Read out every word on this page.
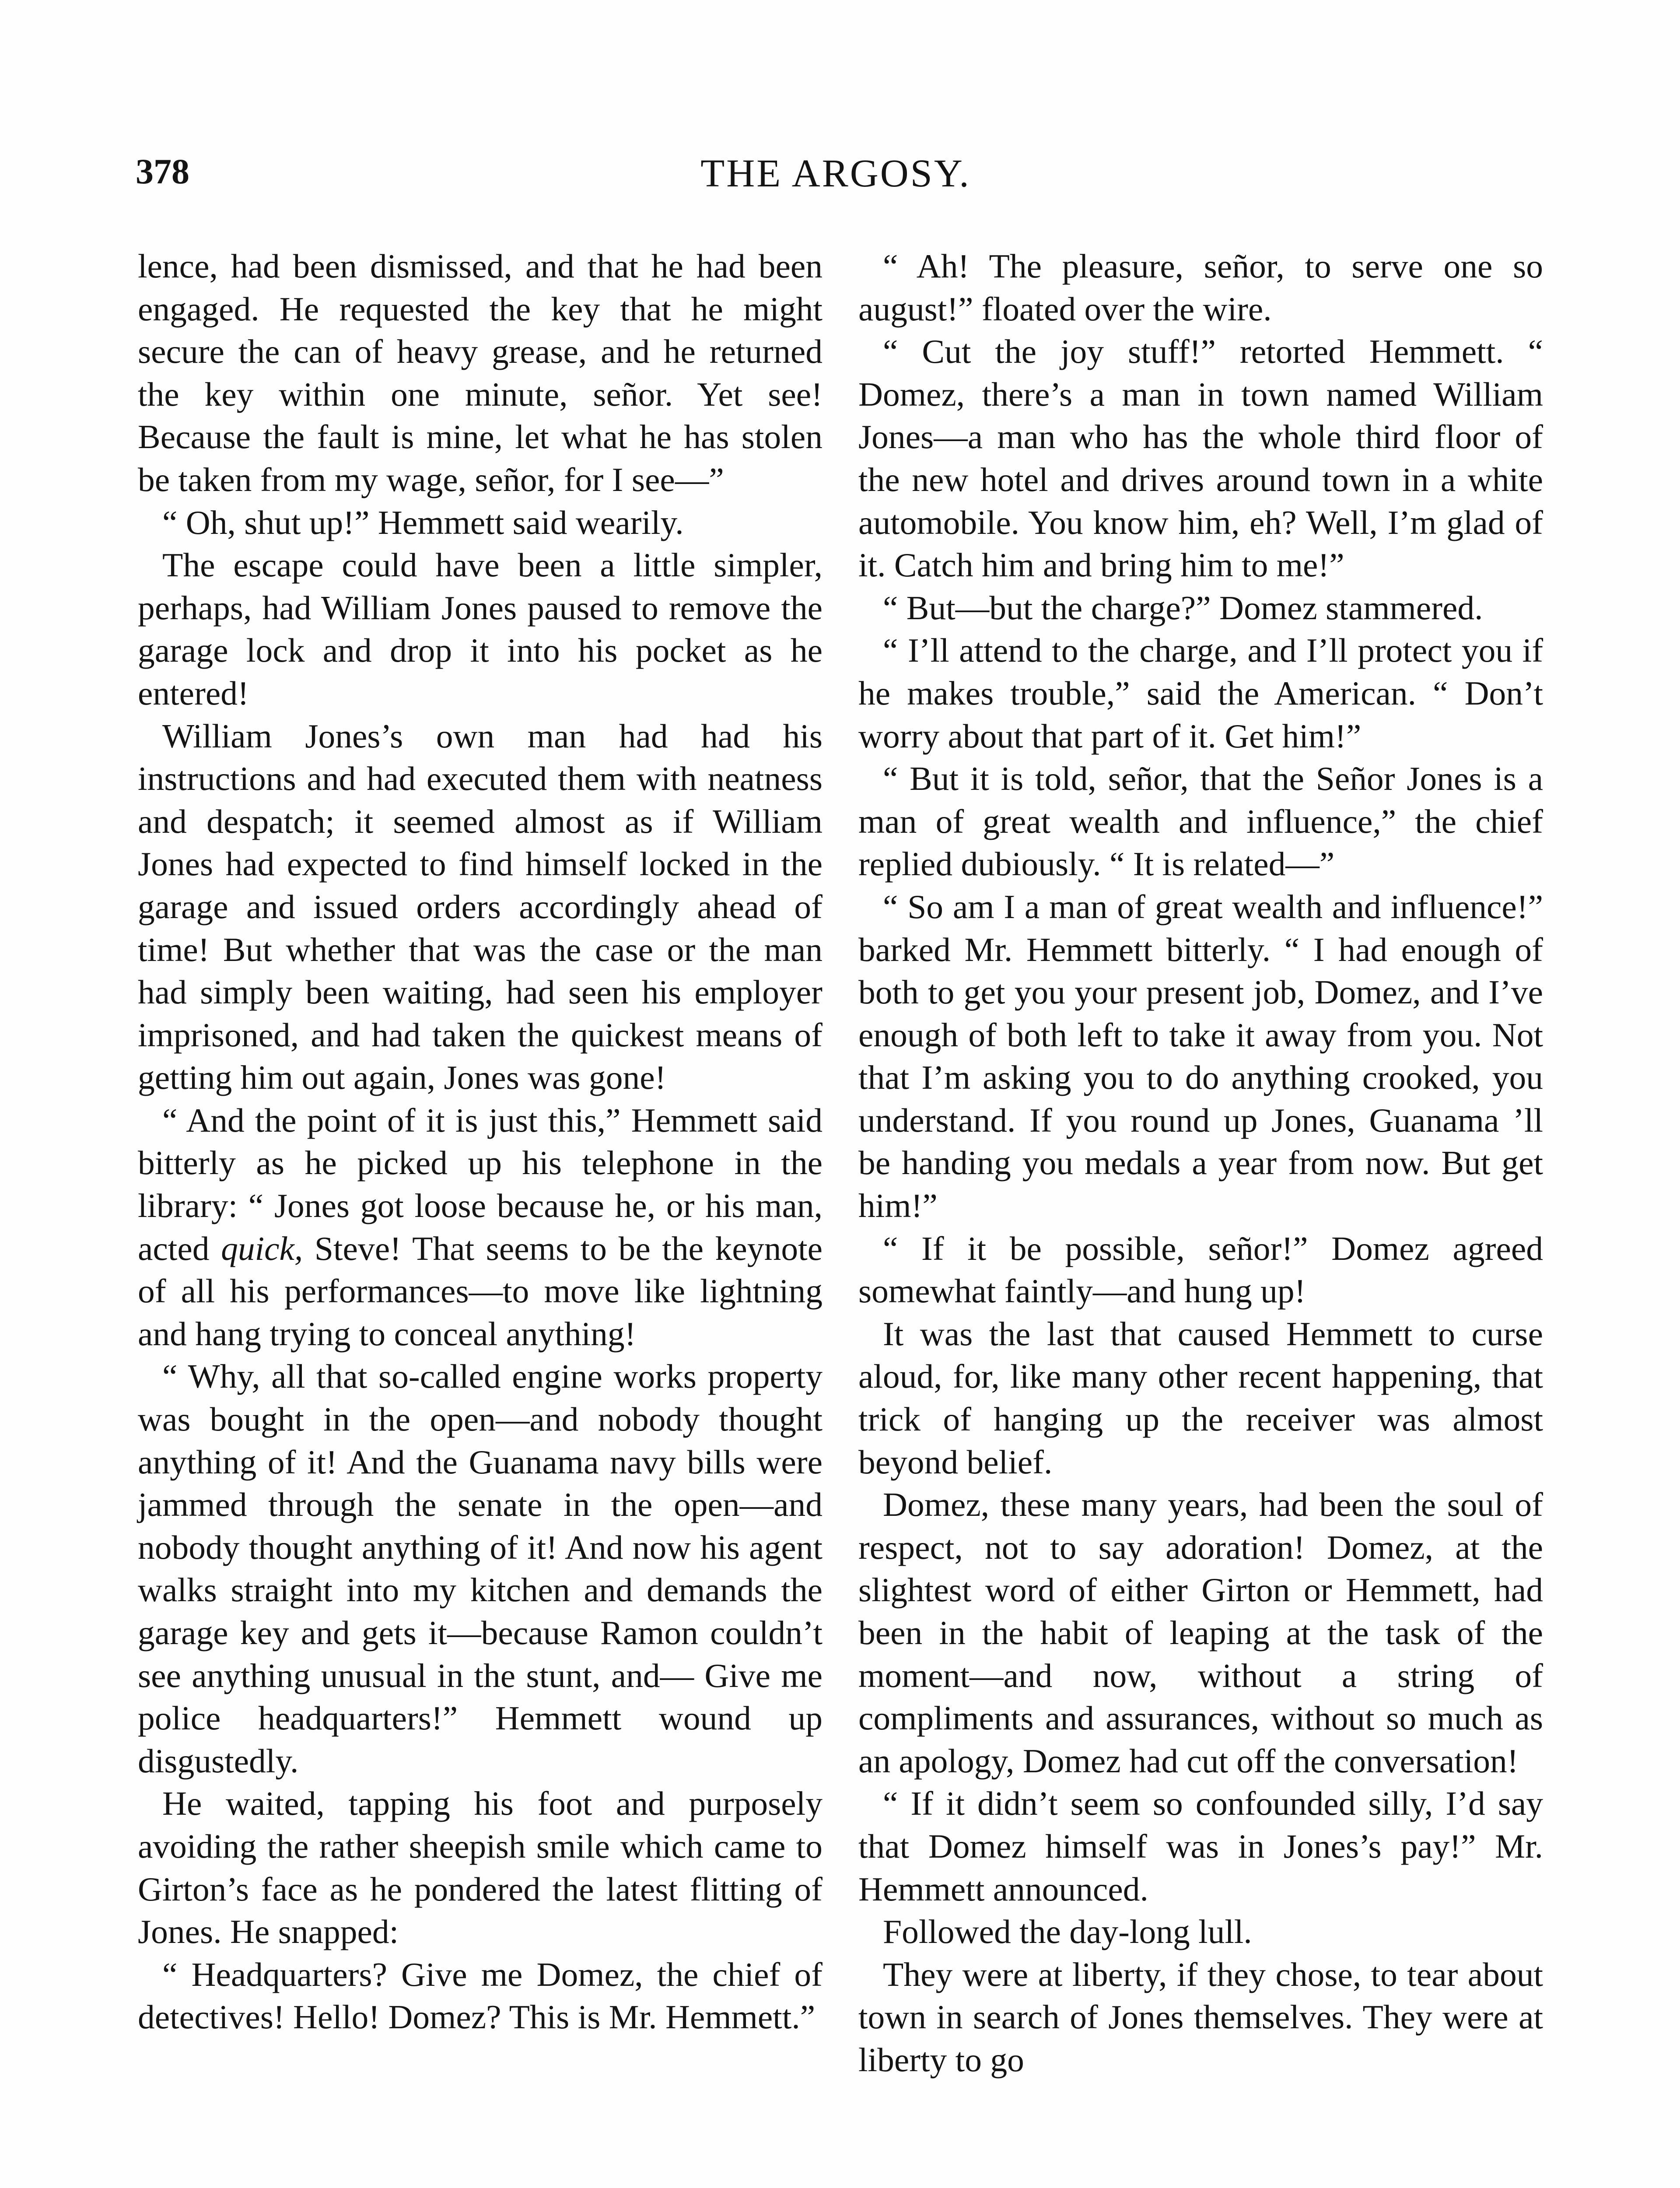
378	THE ARGOSY.

lence, had been dismissed, and that he had been engaged. He requested the key that he might secure the can of heavy grease, and he returned the key within one minute, señor. Yet see! Because the fault is mine, let what he has stolen be taken from my wage, señor, for I see—”

“ Oh, shut up!” Hemmett said wearily.

The escape could have been a little simpler, perhaps, had William Jones paused to remove the garage lock and drop it into his pocket as he entered!

William Jones’s own man had had his instructions and had executed them with neatness and despatch; it seemed almost as if William Jones had expected to find himself locked in the garage and issued orders accordingly ahead of time! But whether that was the case or the man had simply been waiting, had seen his employer imprisoned, and had taken the quickest means of getting him out again, Jones was gone!

“ And the point of it is just this,” Hemmett said bitterly as he picked up his telephone in the library: “ Jones got loose because he, or his man, acted quick, Steve! That seems to be the keynote of all his performances—to move like lightning and hang trying to conceal anything!

“ Why, all that so-called engine works property was bought in the open—and nobody thought anything of it! And the Guanama navy bills were jammed through the senate in the open—and nobody thought anything of it! And now his agent walks straight into my kitchen and demands the garage key and gets it—because Ramon couldn’t see anything unusual in the stunt, and— Give me police headquarters!” Hemmett wound up disgustedly.

He waited, tapping his foot and purposely avoiding the rather sheepish smile which came to Girton’s face as he pondered the latest flitting of Jones. He snapped:

“ Headquarters? Give me Domez, the chief of detectives! Hello! Domez? This is Mr. Hemmett.”

“ Ah! The pleasure, señor, to serve one so august!” floated over the wire.

“ Cut the joy stuff!” retorted Hemmett. “ Domez, there’s a man in town named William Jones—a man who has the whole third floor of the new hotel and drives around town in a white automobile. You know him, eh? Well, I’m glad of it. Catch him and bring him to me!”

“ But—but the charge?” Domez stammered.

“ I’ll attend to the charge, and I’ll protect you if he makes trouble,” said the American. “ Don’t worry about that part of it. Get him!”

“ But it is told, señor, that the Señor Jones is a man of great wealth and influence,” the chief replied dubiously. “ It is related—”

“ So am I a man of great wealth and influence!” barked Mr. Hemmett bitterly. “ I had enough of both to get you your present job, Domez, and I’ve enough of both left to take it away from you. Not that I’m asking you to do anything crooked, you understand. If you round up Jones, Guanama ’ll be handing you medals a year from now. But get him!”

“ If it be possible, señor!” Domez agreed somewhat faintly—and hung up!

It was the last that caused Hemmett to curse aloud, for, like many other recent happening, that trick of hanging up the receiver was almost beyond belief.

Domez, these many years, had been the soul of respect, not to say adoration! Domez, at the slightest word of either Girton or Hemmett, had been in the habit of leaping at the task of the moment—and now, without a string of compliments and assurances, without so much as an apology, Domez had cut off the conversation!

“ If it didn’t seem so confounded silly, I’d say that Domez himself was in Jones’s pay!” Mr. Hemmett announced.

Followed the day-long lull.

They were at liberty, if they chose, to tear about town in search of Jones themselves. They were at liberty to go
